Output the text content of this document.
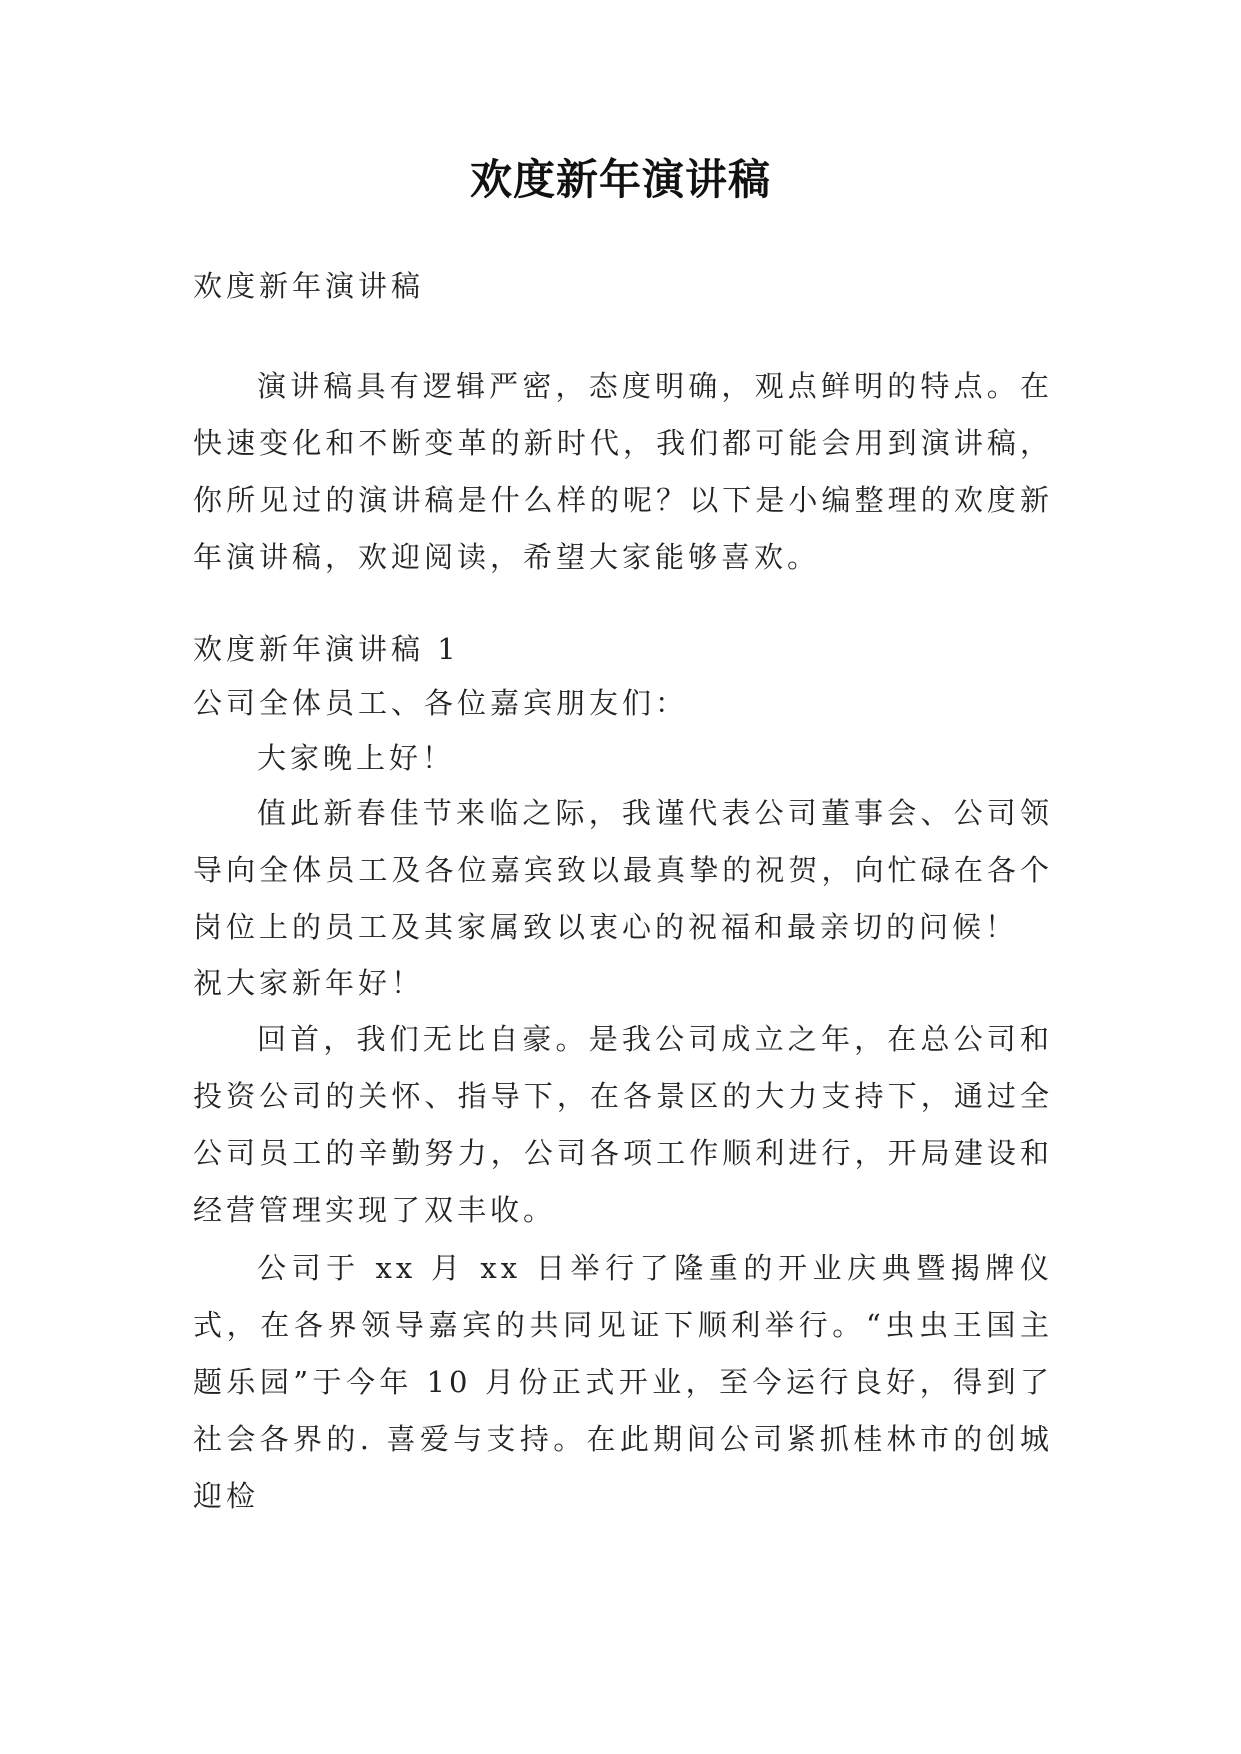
欢度新年演讲稿

欢度新年演讲稿

演讲稿具有逻辑严密，态度明确，观点鲜明的特点。在快速变化和不断变革的新时代，我们都可能会用到演讲稿，你所见过的演讲稿是什么样的呢？以下是小编整理的欢度新年演讲稿，欢迎阅读，希望大家能够喜欢。

欢度新年演讲稿 1

公司全体员工、各位嘉宾朋友们：

大家晚上好！

值此新春佳节来临之际，我谨代表公司董事会、公司领导向全体员工及各位嘉宾致以最真挚的祝贺，向忙碌在各个岗位上的员工及其家属致以衷心的祝福和最亲切的问候！

祝大家新年好！

回首，我们无比自豪。是我公司成立之年，在总公司和投资公司的关怀、指导下，在各景区的大力支持下，通过全公司员工的辛勤努力，公司各项工作顺利进行，开局建设和经营管理实现了双丰收。

公司于 xx 月 xx 日举行了隆重的开业庆典暨揭牌仪式，在各界领导嘉宾的共同见证下顺利举行。“虫虫王国主题乐园”于今年 10 月份正式开业，至今运行良好，得到了社会各界的. 喜爱与支持。在此期间公司紧抓桂林市的创城迎检
